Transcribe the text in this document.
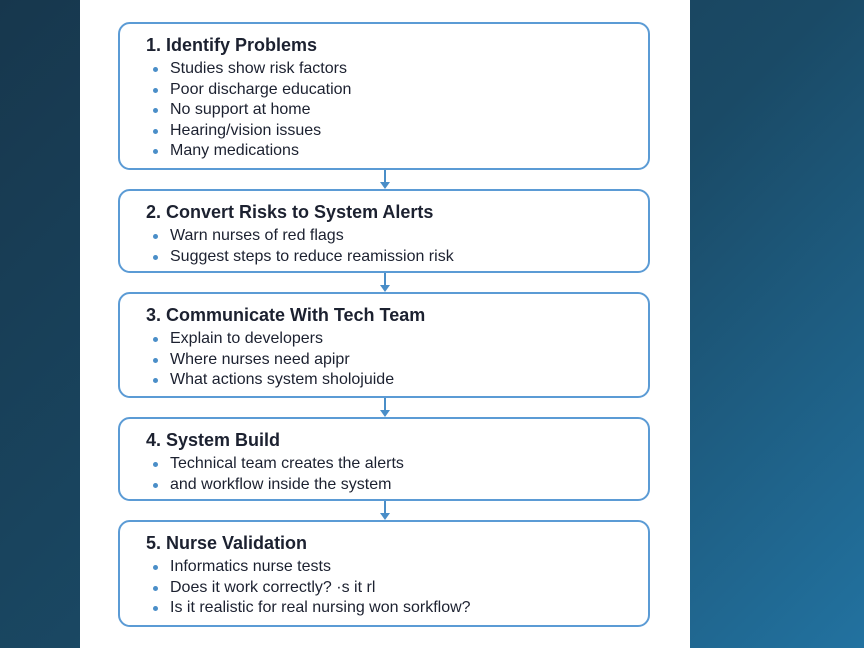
1. Identify Problems
Studies show risk factors
Poor discharge education
No support at home
Hearing/vision issues
Many medications
2. Convert Risks to System Alerts
Warn nurses of red flags
Suggest steps to reduce reamission risk
3. Communicate With Tech Team
Explain to developers
Where nurses need apipr
What actions system sholojuide
4. System Build
Technical team creates the alerts
and workflow inside the system
5. Nurse Validation
Informatics nurse tests
Does it work correctly? ·s it rl
Is it realistic for real nursing won sorkflow?
